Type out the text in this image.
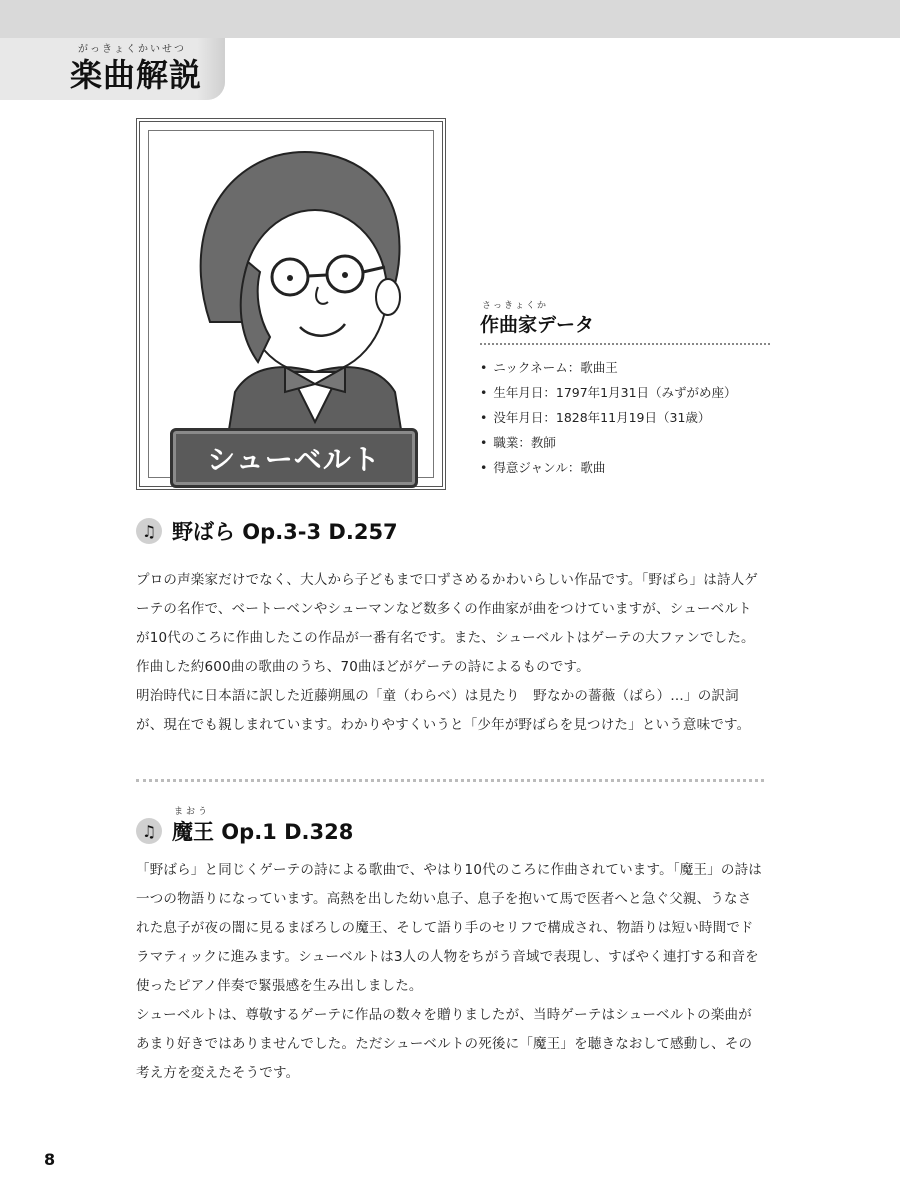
がっきょくかいせつ
楽曲解説
シューベルト
さっきょくか
作曲家データ
• ニックネーム：歌曲王
• 生年月日：1797年1月31日（みずがめ座）
• 没年月日：1828年11月19日（31歳）
• 職業：教師
• 得意ジャンル：歌曲
♫ 野ばら Op.3-3 D.257

プロの声楽家だけでなく、大人から子どもまで口ずさめるかわいらしい作品です。「野ばら」は詩人ゲーテの名作で、ベートーベンやシューマンなど数多くの作曲家が曲をつけていますが、シューベルトが10代のころに作曲したこの作品が一番有名です。また、シューベルトはゲーテの大ファンでした。作曲した約600曲の歌曲のうち、70曲ほどがゲーテの詩によるものです。

明治時代に日本語に訳した近藤朔風の「童（わらべ）は見たり　野なかの薔薇（ばら）…」の訳詞が、現在でも親しまれています。わかりやすくいうと「少年が野ばらを見つけた」という意味です。

まおう
♫ 魔王 Op.1 D.328

「野ばら」と同じくゲーテの詩による歌曲で、やはり10代のころに作曲されています。「魔王」の詩は一つの物語りになっています。高熱を出した幼い息子、息子を抱いて馬で医者へと急ぐ父親、うなされた息子が夜の闇に見るまぼろしの魔王、そして語り手のセリフで構成され、物語りは短い時間でドラマティックに進みます。シューベルトは3人の人物をちがう音域で表現し、すばやく連打する和音を使ったピアノ伴奏で緊張感を生み出しました。

シューベルトは、尊敬するゲーテに作品の数々を贈りましたが、当時ゲーテはシューベルトの楽曲があまり好きではありませんでした。ただシューベルトの死後に「魔王」を聴きなおして感動し、その考え方を変えたそうです。

8
